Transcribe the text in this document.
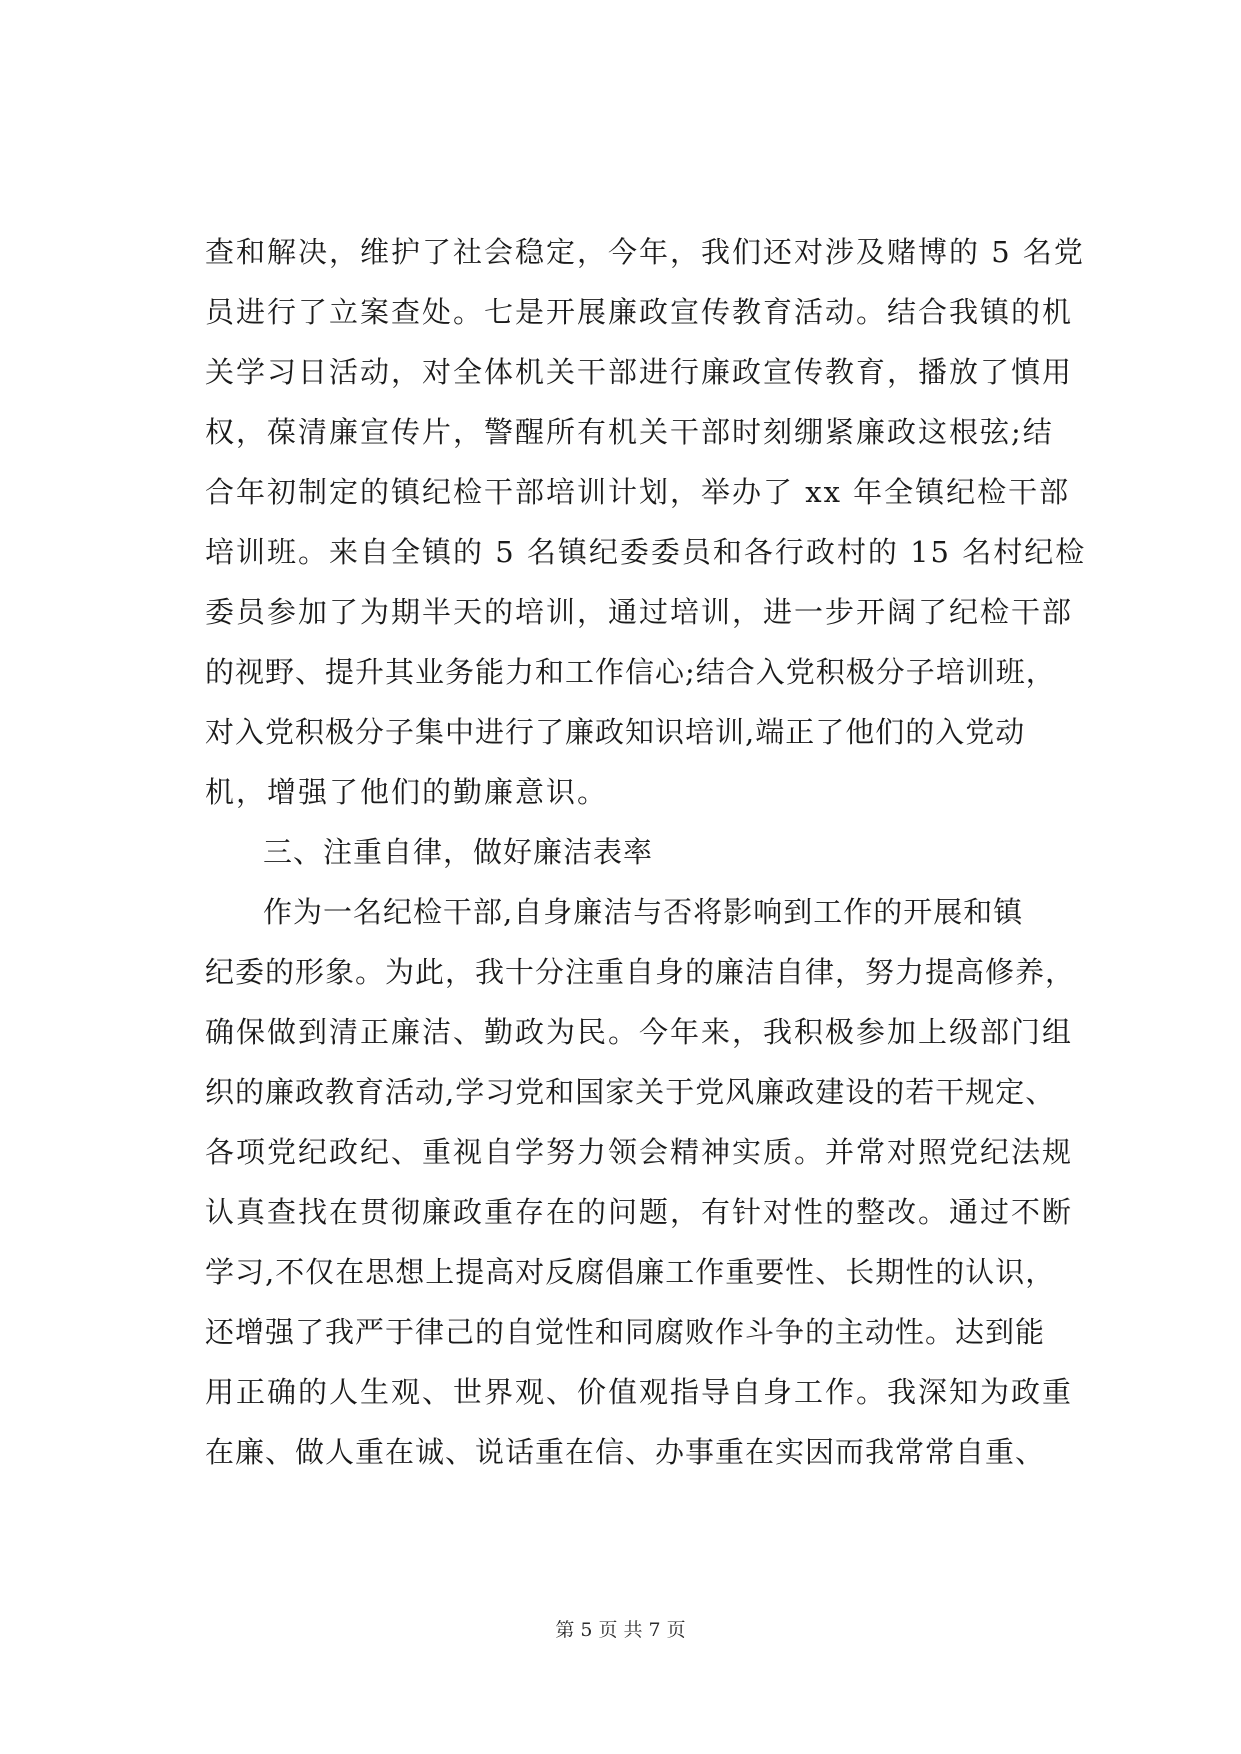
查和解决，维护了社会稳定，今年，我们还对涉及赌博的 5 名党
员进行了立案查处。七是开展廉政宣传教育活动。结合我镇的机
关学习日活动，对全体机关干部进行廉政宣传教育，播放了慎用
权，葆清廉宣传片，警醒所有机关干部时刻绷紧廉政这根弦;结
合年初制定的镇纪检干部培训计划，举办了 xx 年全镇纪检干部
培训班。来自全镇的 5 名镇纪委委员和各行政村的 15 名村纪检
委员参加了为期半天的培训，通过培训，进一步开阔了纪检干部
的视野、提升其业务能力和工作信心;结合入党积极分子培训班，
对入党积极分子集中进行了廉政知识培训,端正了他们的入党动
机，增强了他们的勤廉意识。
三、注重自律，做好廉洁表率
作为一名纪检干部,自身廉洁与否将影响到工作的开展和镇
纪委的形象。为此，我十分注重自身的廉洁自律，努力提高修养，
确保做到清正廉洁、勤政为民。今年来，我积极参加上级部门组
织的廉政教育活动,学习党和国家关于党风廉政建设的若干规定、
各项党纪政纪、重视自学努力领会精神实质。并常对照党纪法规
认真查找在贯彻廉政重存在的问题，有针对性的整改。通过不断
学习,不仅在思想上提高对反腐倡廉工作重要性、长期性的认识，
还增强了我严于律己的自觉性和同腐败作斗争的主动性。达到能
用正确的人生观、世界观、价值观指导自身工作。我深知为政重
在廉、做人重在诚、说话重在信、办事重在实因而我常常自重、
第 5 页 共 7 页
